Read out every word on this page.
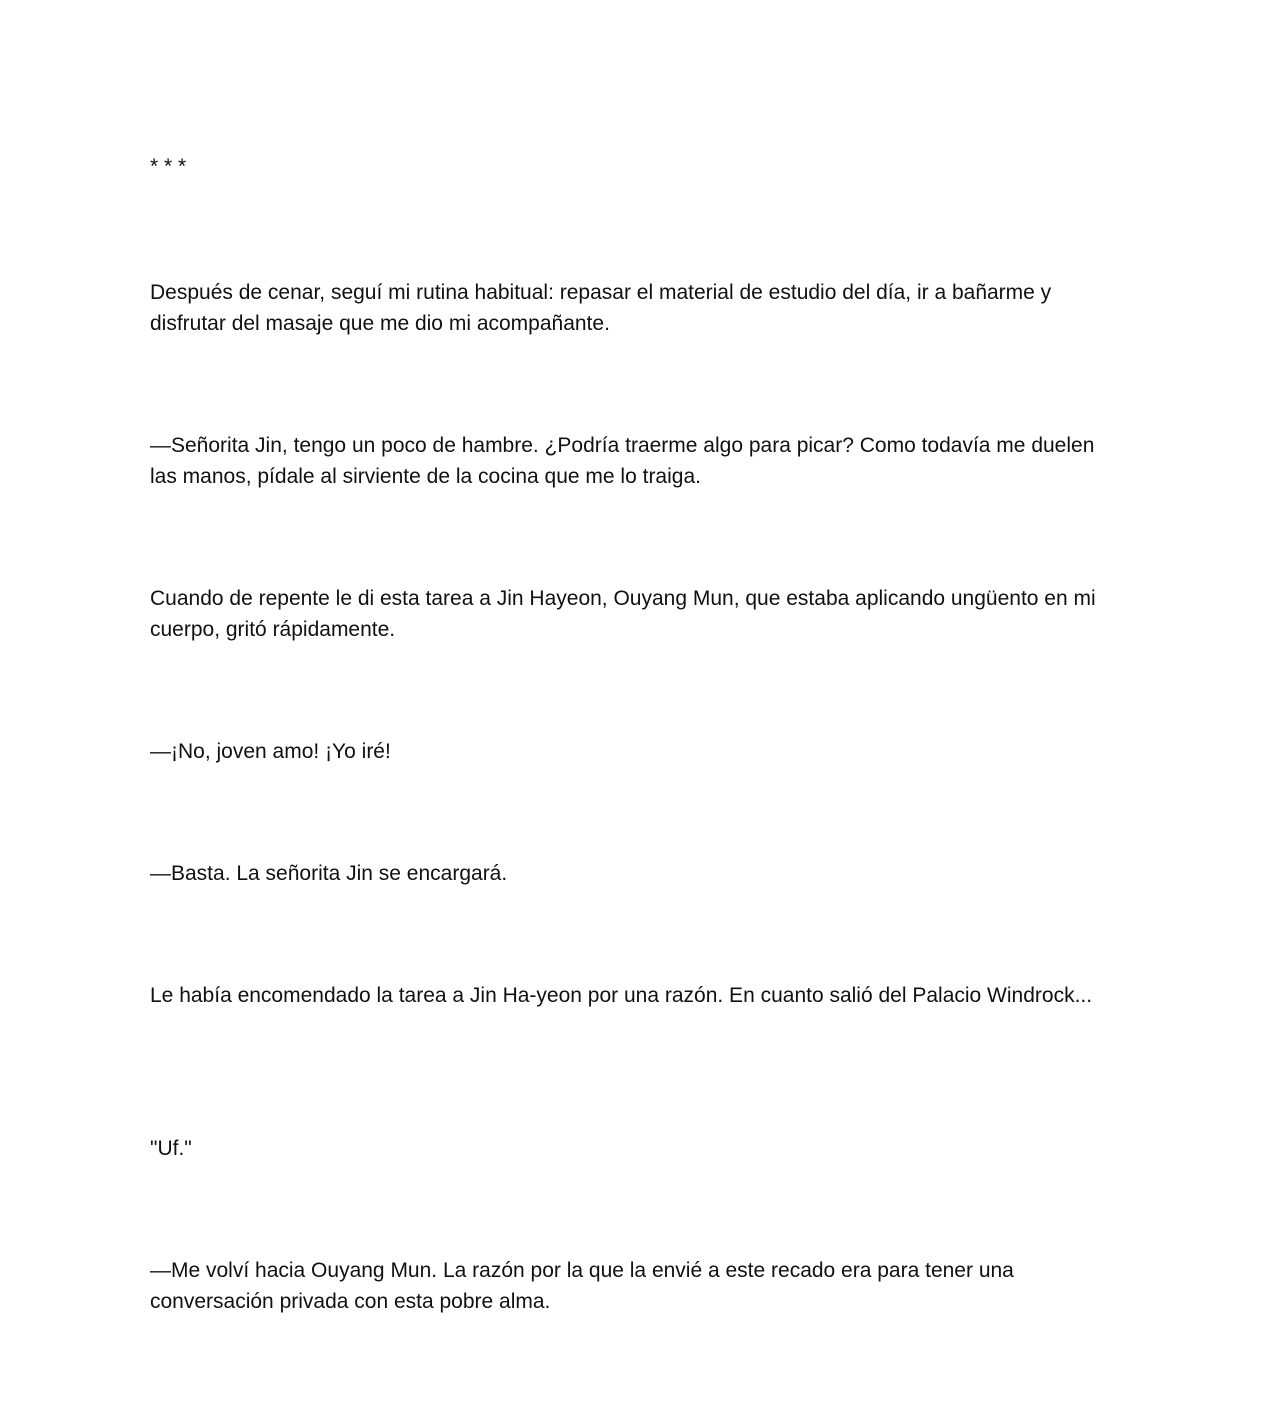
* * *

Después de cenar, seguí mi rutina habitual: repasar el material de estudio del día, ir a bañarme y disfrutar del masaje que me dio mi acompañante.

—Señorita Jin, tengo un poco de hambre. ¿Podría traerme algo para picar? Como todavía me duelen las manos, pídale al sirviente de la cocina que me lo traiga.

Cuando de repente le di esta tarea a Jin Hayeon, Ouyang Mun, que estaba aplicando ungüento en mi cuerpo, gritó rápidamente.

—¡No, joven amo! ¡Yo iré!

—Basta. La señorita Jin se encargará.

Le había encomendado la tarea a Jin Ha-yeon por una razón. En cuanto salió del Palacio Windrock...

"Uf."

—Me volví hacia Ouyang Mun. La razón por la que la envié a este recado era para tener una conversación privada con esta pobre alma.
